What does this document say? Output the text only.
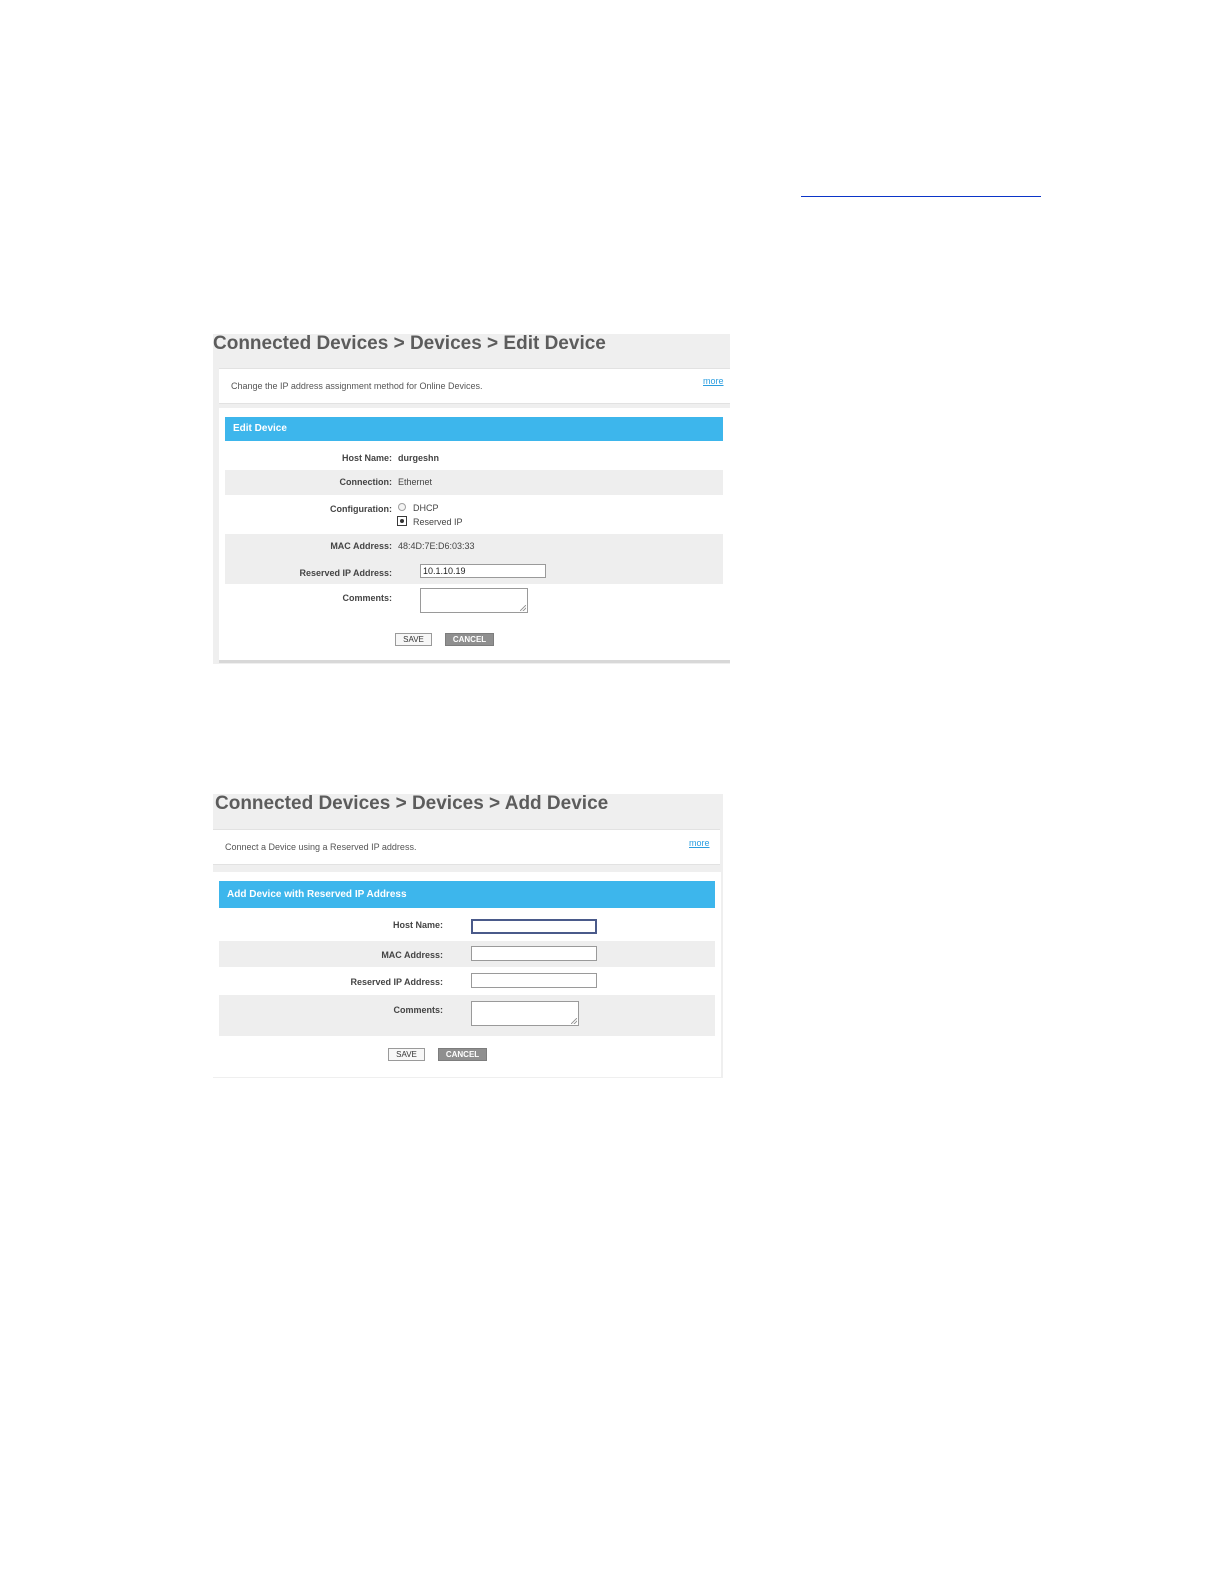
Connected Devices > Devices > Edit Device
Change the IP address assignment method for Online Devices.	more
Edit Device
Host Name: durgeshn
Connection: Ethernet
Configuration: DHCP
Reserved IP
MAC Address: 48:4D:7E:D6:03:33
Reserved IP Address:	10.1.10.19
Comments:
SAVE	CANCEL
Connected Devices > Devices > Add Device
Connect a Device using a Reserved IP address.	more
Add Device with Reserved IP Address
Host Name:
MAC Address:
Reserved IP Address:
Comments:
SAVE	CANCEL
